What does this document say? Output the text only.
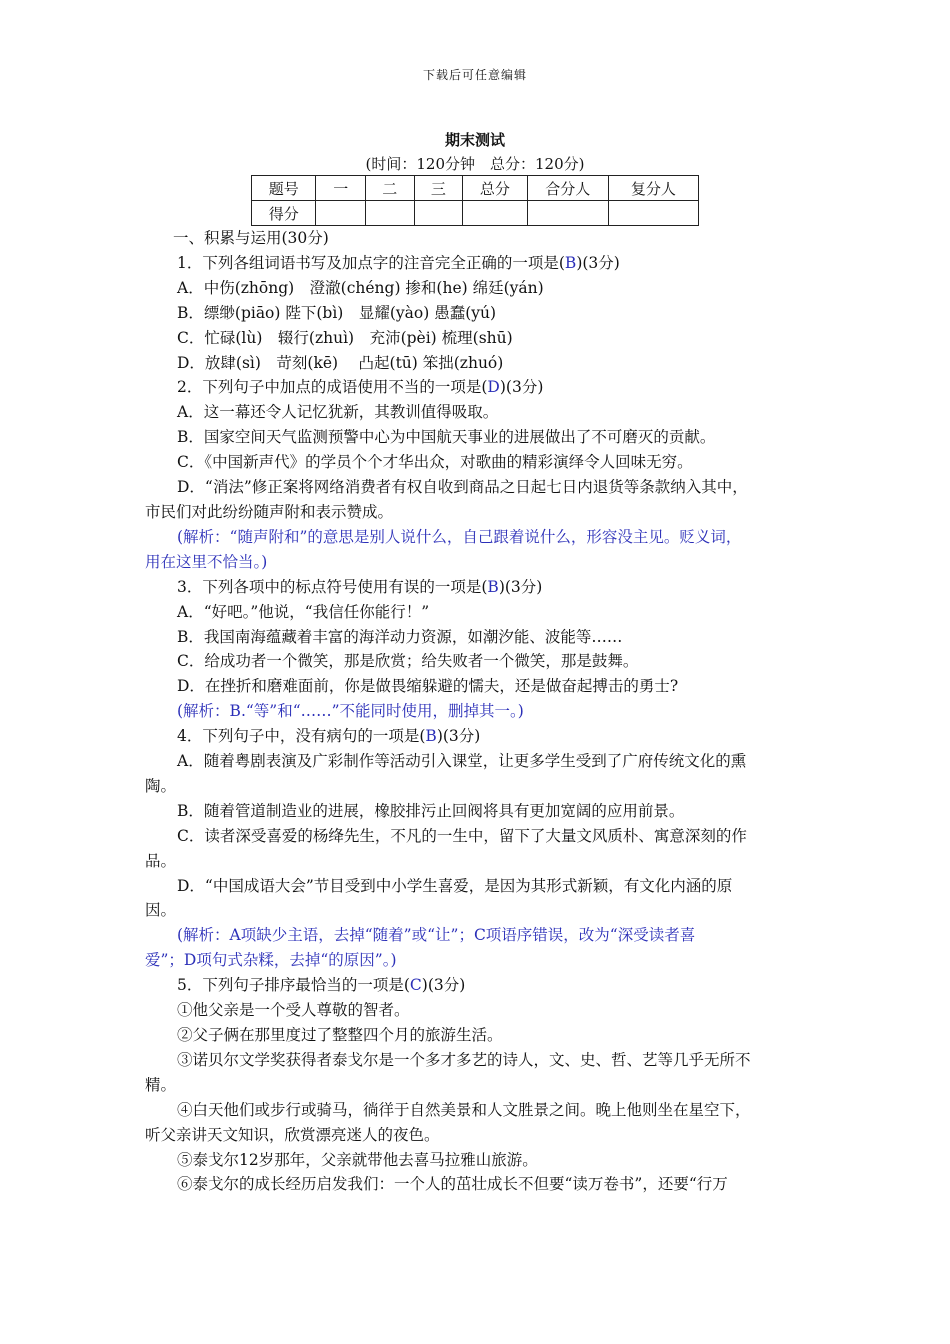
下载后可任意编辑
期末测试
(时间：120分钟　总分：120分)
题号	一	二	三	总分	合分人	复分人
得分						
一、积累与运用(30分)
1．下列各组词语书写及加点字的注音完全正确的一项是(B)(3分)
A．中伤(zhōng)　澄澈(chéng) 掺和(he) 绵廷(yán)
B．缥缈(piāo) 陛下(bì)　显耀(yào) 愚蠢(yú)
C．忙碌(lù)　辍行(zhuì)　充沛(pèi) 梳理(shū)
D．放肆(sì)　苛刻(kē)　 凸起(tū) 笨拙(zhuó)
2．下列句子中加点的成语使用不当的一项是(D)(3分)
A．这一幕还令人记忆犹新，其教训值得吸取。
B．国家空间天气监测预警中心为中国航天事业的进展做出了不可磨灭的贡献。
C．《中国新声代》的学员个个才华出众，对歌曲的精彩演绎令人回味无穷。
D．“消法”修正案将网络消费者有权自收到商品之日起七日内退货等条款纳入其中，
市民们对此纷纷随声附和表示赞成。
(解析：“随声附和”的意思是别人说什么，自己跟着说什么，形容没主见。贬义词，
用在这里不恰当。)
3．下列各项中的标点符号使用有误的一项是(B)(3分)
A．“好吧。”他说，“我信任你能行！”
B．我国南海蕴藏着丰富的海洋动力资源，如潮汐能、波能等……
C．给成功者一个微笑，那是欣赏；给失败者一个微笑，那是鼓舞。
D．在挫折和磨难面前，你是做畏缩躲避的懦夫，还是做奋起搏击的勇士?
(解析：B.“等”和“……”不能同时使用，删掉其一。)
4．下列句子中，没有病句的一项是(B)(3分)
A．随着粤剧表演及广彩制作等活动引入课堂，让更多学生受到了广府传统文化的熏
陶。
B．随着管道制造业的进展，橡胶排污止回阀将具有更加宽阔的应用前景。
C．读者深受喜爱的杨绛先生，不凡的一生中，留下了大量文风质朴、寓意深刻的作
品。
D．“中国成语大会”节目受到中小学生喜爱，是因为其形式新颖，有文化内涵的原
因。
(解析：A项缺少主语，去掉“随着”或“让”；C项语序错误，改为“深受读者喜
爱”；D项句式杂糅，去掉“的原因”。)
5．下列句子排序最恰当的一项是(C)(3分)
①他父亲是一个受人尊敬的智者。
②父子俩在那里度过了整整四个月的旅游生活。
③诺贝尔文学奖获得者泰戈尔是一个多才多艺的诗人，文、史、哲、艺等几乎无所不
精。
④白天他们或步行或骑马，徜徉于自然美景和人文胜景之间。晚上他则坐在星空下，
听父亲讲天文知识，欣赏漂亮迷人的夜色。
⑤泰戈尔12岁那年，父亲就带他去喜马拉雅山旅游。
⑥泰戈尔的成长经历启发我们：一个人的茁壮成长不但要“读万卷书”，还要“行万
